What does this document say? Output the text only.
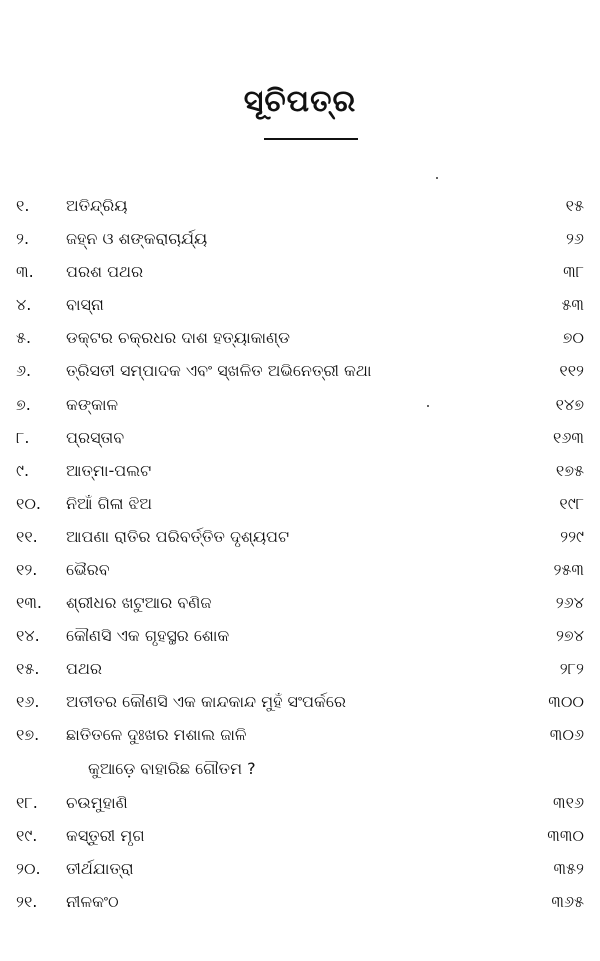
ସୂଚିପତ୍ର
୧. ଅତିନ୍ଦ୍ରିୟ	୧୫
୨. ଜହ୍ନ ଓ ଶଙ୍କରାଚାର୍ଯ୍ୟ	୨୬
୩. ପରଶ ପଥର	୩୮
୪. ବାସ୍ନା	୫୩
୫. ଡକ୍ଟର ଚକ୍ରଧର ଦାଶ ହତ୍ୟାକାଣ୍ଡ	୭୦
୬. ତ୍ରିସତୀ ସମ୍ପାଦକ ଏବଂ ସ୍ଖଳିତ ଅଭିନେତ୍ରୀ କଥା	୧୧୨
୭. କଙ୍କାଳ	୧୪୭
୮. ପ୍ରସ୍ତାବ	୧୬୩
୯. ଆତ୍ମା-ପଲଟ	୧୭୫
୧୦. ନିଆଁ ଗିଳା ଝିଅ	୧୯୮
୧୧. ଆପଣା ରାତିର ପରିବର୍ତ୍ତିତ ଦୃଶ୍ୟପଟ	୨୨୯
୧୨. ଭୈରବ	୨୫୩
୧୩. ଶ୍ରୀଧର ଖଟୁଆର ବଣିଜ	୨୬୪
୧୪. କୌଣସି ଏକ ଗୃହସ୍ଥର ଶୋକ	୨୭୪
୧୫. ପଥର	୨୮୨
୧୬. ଅତୀତର କୌଣସି ଏକ କାନ୍ଦକାନ୍ଦ ମୁହଁ ସଂପର୍କରେ	୩୦୦
୧୭. ଛାତିତଳେ ଦୁଃଖର ମଶାଲ ଜାଳି	୩୦୬
କୁଆଡ଼େ ବାହାରିଛ ଗୌତମ ?
୧୮. ଚଉମୁହାଣି	୩୧୬
୧୯. କସ୍ତୁରୀ ମୃଗ	୩୩୦
୨୦. ତୀର୍ଥଯାତ୍ରା	୩୫୨
୨୧. ନୀଳକଂଠ	୩୬୫
